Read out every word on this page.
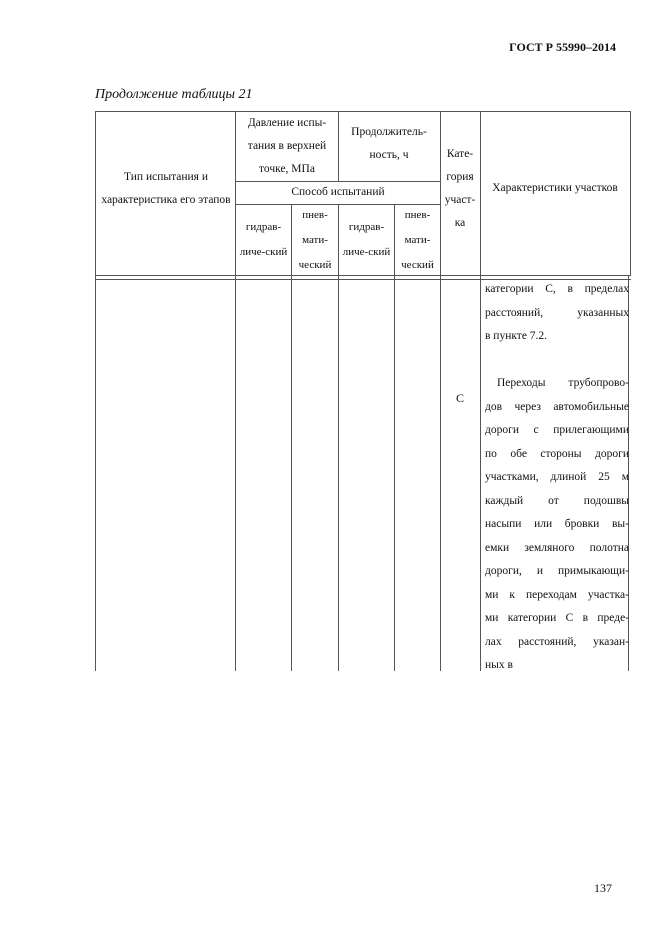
ГОСТ Р 55990–2014
Продолжение таблицы 21
Тип испытания и характеристика его этапов
Давление испы-тания в верхней точке, МПа
Продолжитель-ность, ч	Кате-гория участ-ка
Характеристики участков
Способ испытаний
гидрав-личе-ский
пнев-мати-ческий
гидрав-личе-ский
пнев-мати-ческий
С
категории С, в пределах
расстояний, указанных
в пункте 7.2.
Переходы трубопрово-
дов через автомобильные
дороги с прилегающими
по обе стороны дороги
участками, длиной 25 м
каждый от подошвы
насыпи или бровки вы-
емки земляного полотна
дороги, и примыкающи-
ми к переходам участка-
ми категории С в преде-
лах расстояний, указан-
ных в
137
